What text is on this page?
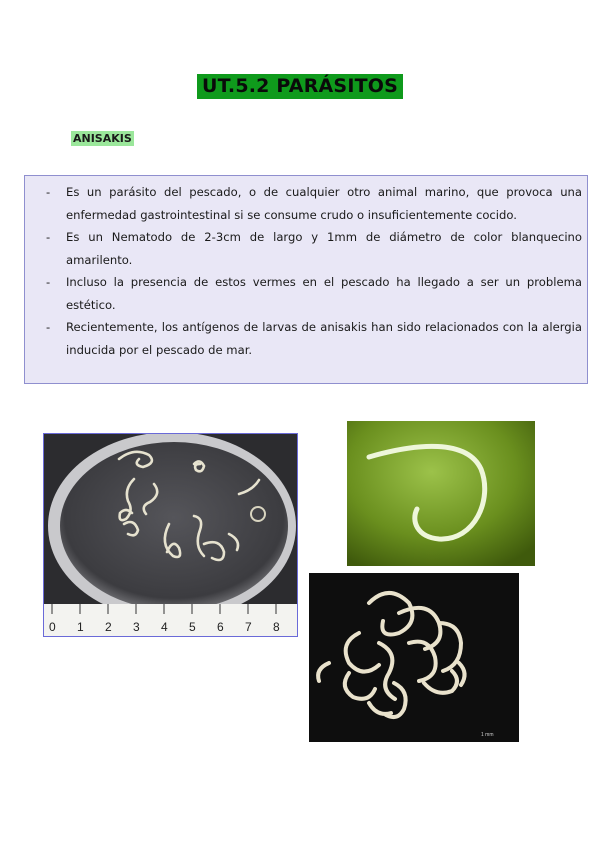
UT.5.2 PARÁSITOS
ANISAKIS
- Es un parásito del pescado, o de cualquier otro animal marino, que provoca una enfermedad gastrointestinal si se consume crudo o insuficientemente cocido.
- Es un Nematodo de 2-3cm de largo y 1mm de diámetro de color blanquecino amarilento.
- Incluso la presencia de estos vermes en el pescado ha llegado a ser un problema estético.
- Recientemente, los antígenos de larvas de anisakis han sido relacionados con la alergia inducida por el pescado de mar.
0 1 2 3 4 5 6 7 8
1 mm
